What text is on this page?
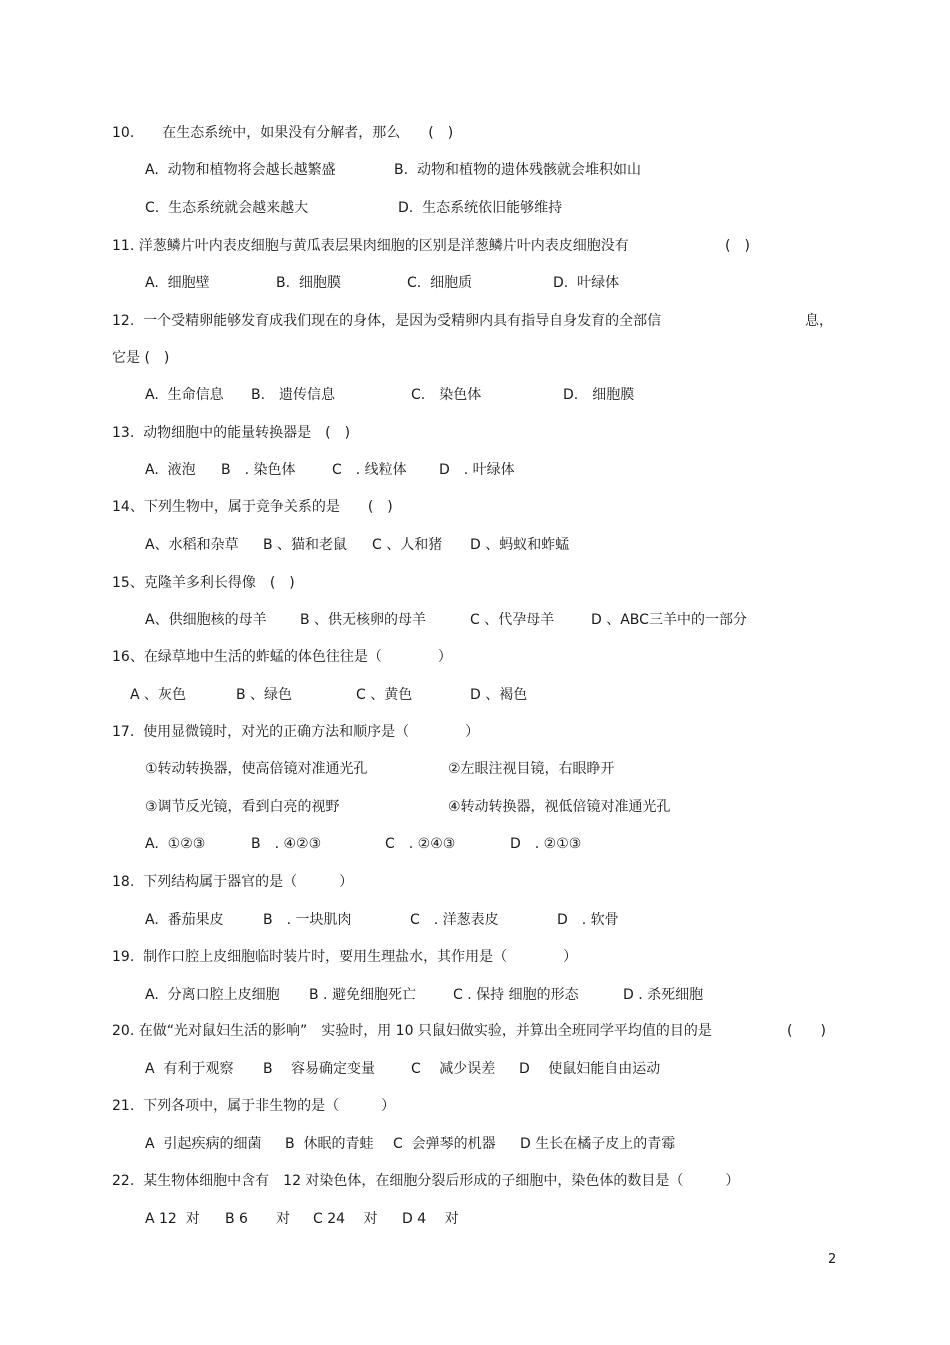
10.　　在生态系统中，如果没有分解者，那么　　(　)
A.  动物和植物将会越长越繁盛	B.  动物和植物的遗体残骸就会堆积如山
C.  生态系统就会越来越大	D.  生态系统依旧能够维持
11. 洋葱鳞片叶内表皮细胞与黄瓜表层果肉细胞的区别是洋葱鳞片叶内表皮细胞没有	(　)
A.  细胞壁	B.  细胞膜	C.  细胞质	D.  叶绿体
12.  一个受精卵能够发育成我们现在的身体，是因为受精卵内具有指导自身发育的全部信	息，
它是 (　)
A.  生命信息 B.　遗传信息	C.　染色体	D.　细胞膜
13.  动物细胞中的能量转换器是　(　)
A.  液泡 B　. 染色体	C　. 线粒体 D　. 叶绿体
14、下列生物中，属于竞争关系的是　　(　)
A、水稻和杂草 B 、猫和老鼠 C 、人和猪 D 、蚂蚁和蚱蜢
15、克隆羊多利长得像　(　)
A、供细胞核的母羊 B 、供无核卵的母羊	C 、代孕母羊	D 、ABC三羊中的一部分
16、在绿草地中生活的蚱蜢的体色往往是（　　　　）
A 、灰色	B 、绿色	C 、黄色	D 、褐色
17.  使用显微镜时，对光的正确方法和顺序是（　　　　）
①转动转换器，使高倍镜对准通光孔	②左眼注视目镜，右眼睁开
③调节反光镜，看到白亮的视野	④转动转换器，视低倍镜对准通光孔
A.  ①②③	B　. ④②③	C　. ②④③	D　. ②①③
18.  下列结构属于器官的是（　　　）
A.  番茄果皮	B　. 一块肌肉	C　. 洋葱表皮	D　. 软骨
19.  制作口腔上皮细胞临时装片时，要用生理盐水，其作用是（　　　　）
A.  分离口腔上皮细胞 B . 避免细胞死亡	C . 保持 细胞的形态	D . 杀死细胞
20. 在做“光对鼠妇生活的影响”　实验时，用 10 只鼠妇做实验，并算出全班同学平均值的目的是	(　　)
A  有利于观察 B　 容易确定变量	C　 减少误差 D　 使鼠妇能自由运动
21.  下列各项中，属于非生物的是（　　　）
A  引起疾病的细菌 B  休眠的青蛙 C  会弹琴的机器 D 生长在橘子皮上的青霉
22.  某生物体细胞中含有　12 对染色体，在细胞分裂后形成的子细胞中，染色体的数目是（　　　）
A 12  对 B 6　　对 C 24　 对 D 4　 对
2
